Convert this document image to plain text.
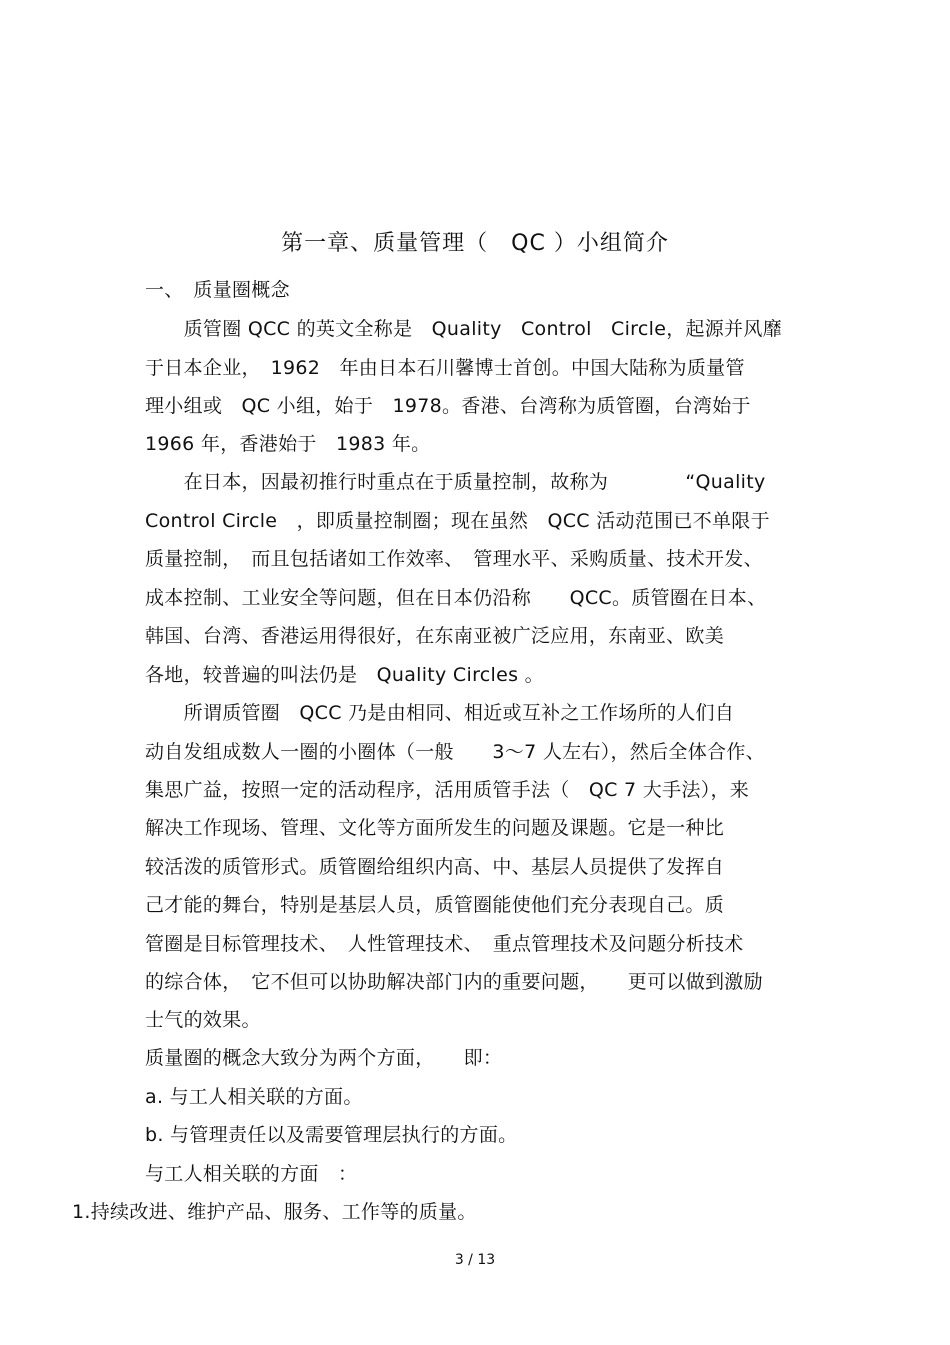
第一章、质量管理（　QC ）小组简介
一、　质量圈概念
　　质管圈 QCC 的英文全称是　Quality　Control　Circle，起源并风靡
于日本企业，　1962　年由日本石川馨博士首创。中国大陆称为质量管
理小组或　QC 小组，始于　1978。香港、台湾称为质管圈，台湾始于
1966 年，香港始于　1983 年。
　　在日本，因最初推行时重点在于质量控制，故称为　　　　“Quality
Control Circle　，即质量控制圈；现在虽然　QCC 活动范围已不单限于
质量控制，　而且包括诸如工作效率、　管理水平、采购质量、技术开发、
成本控制、工业安全等问题，但在日本仍沿称　　QCC。质管圈在日本、
韩国、台湾、香港运用得很好，在东南亚被广泛应用，东南亚、欧美
各地，较普遍的叫法仍是　Quality Circles 。
　　所谓质管圈　QCC 乃是由相同、相近或互补之工作场所的人们自
动自发组成数人一圈的小圈体（一般　　3～7 人左右），然后全体合作、
集思广益，按照一定的活动程序，活用质管手法（　QC 7 大手法），来
解决工作现场、管理、文化等方面所发生的问题及课题。它是一种比
较活泼的质管形式。质管圈给组织内高、中、基层人员提供了发挥自
己才能的舞台，特别是基层人员，质管圈能使他们充分表现自己。质
管圈是目标管理技术、　人性管理技术、　重点管理技术及问题分析技术
的综合体，　它不但可以协助解决部门内的重要问题，　　更可以做到激励
士气的效果。
质量圈的概念大致分为两个方面，　　即：
a. 与工人相关联的方面。
b. 与管理责任以及需要管理层执行的方面。
与工人相关联的方面　：
1.持续改进、维护产品、服务、工作等的质量。
3 / 13
